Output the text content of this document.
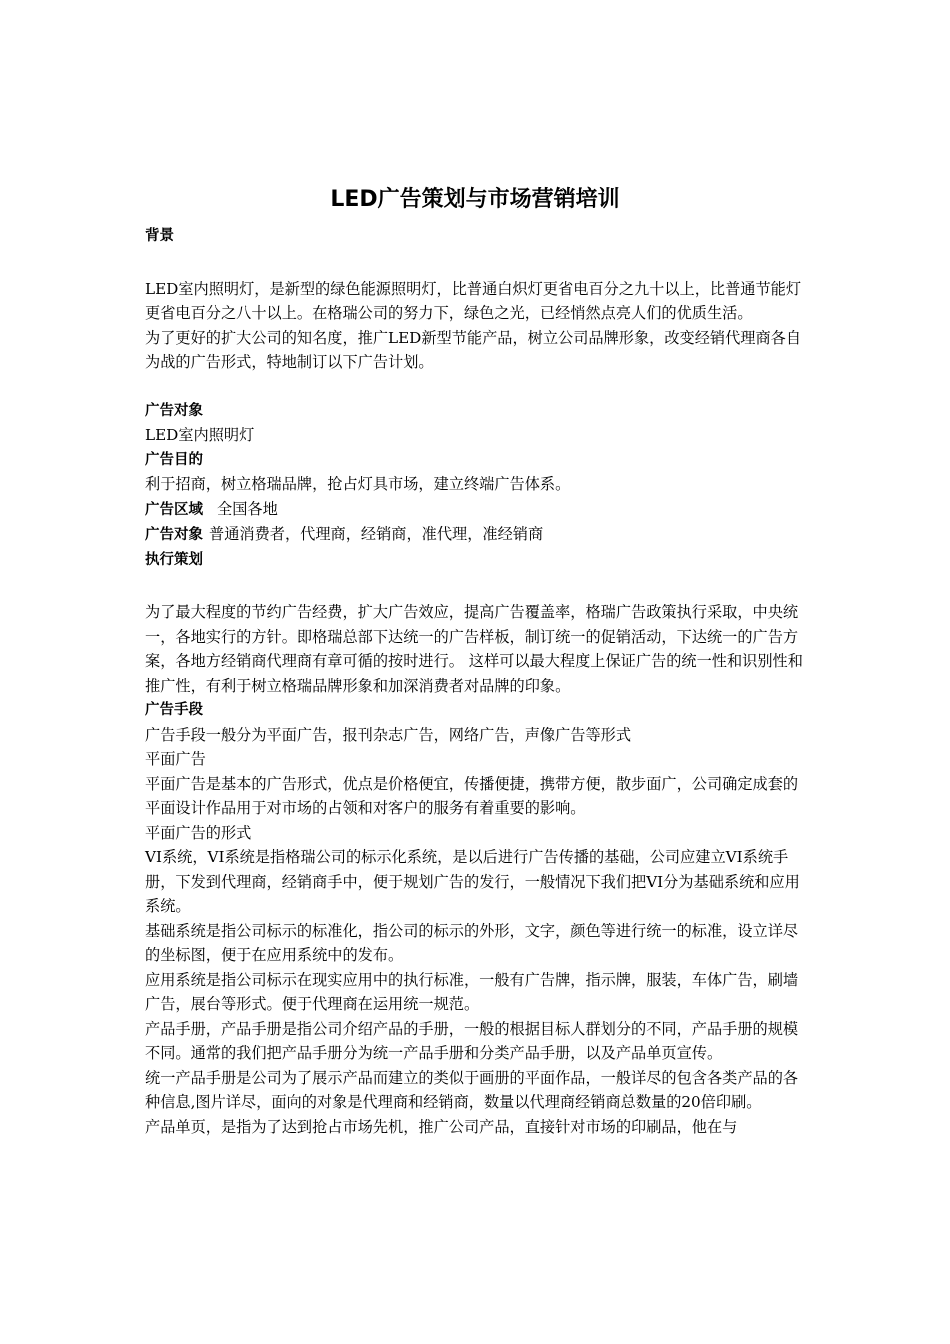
LED广告策划与市场营销培训
背景
LED室内照明灯，是新型的绿色能源照明灯，比普通白炽灯更省电百分之九十以上，比普通节能灯更省电百分之八十以上。在格瑞公司的努力下，绿色之光，已经悄然点亮人们的优质生活。
为了更好的扩大公司的知名度，推广LED新型节能产品，树立公司品牌形象，改变经销代理商各自为战的广告形式，特地制订以下广告计划。
广告对象
LED室内照明灯
广告目的
利于招商，树立格瑞品牌，抢占灯具市场，建立终端广告体系。
广告区域 全国各地
广告对象 普通消费者，代理商，经销商，准代理，准经销商
执行策划
为了最大程度的节约广告经费，扩大广告效应，提高广告覆盖率，格瑞广告政策执行采取，中央统一，各地实行的方针。即格瑞总部下达统一的广告样板，制订统一的促销活动，下达统一的广告方案，各地方经销商代理商有章可循的按时进行。 这样可以最大程度上保证广告的统一性和识别性和推广性，有利于树立格瑞品牌形象和加深消费者对品牌的印象。
广告手段
广告手段一般分为平面广告，报刊杂志广告，网络广告，声像广告等形式
平面广告
平面广告是基本的广告形式，优点是价格便宜，传播便捷，携带方便，散步面广，公司确定成套的平面设计作品用于对市场的占领和对客户的服务有着重要的影响。
平面广告的形式
VI系统，VI系统是指格瑞公司的标示化系统，是以后进行广告传播的基础，公司应建立VI系统手册，下发到代理商，经销商手中，便于规划广告的发行，一般情况下我们把VI分为基础系统和应用系统。
基础系统是指公司标示的标准化，指公司的标示的外形，文字，颜色等进行统一的标准，设立详尽的坐标图，便于在应用系统中的发布。
应用系统是指公司标示在现实应用中的执行标准，一般有广告牌，指示牌，服装，车体广告，刷墙广告，展台等形式。便于代理商在运用统一规范。
产品手册，产品手册是指公司介绍产品的手册，一般的根据目标人群划分的不同，产品手册的规模不同。通常的我们把产品手册分为统一产品手册和分类产品手册，以及产品单页宣传。
统一产品手册是公司为了展示产品而建立的类似于画册的平面作品，一般详尽的包含各类产品的各种信息,图片详尽，面向的对象是代理商和经销商，数量以代理商经销商总数量的20倍印刷。
产品单页，是指为了达到抢占市场先机，推广公司产品，直接针对市场的印刷品，他在与
